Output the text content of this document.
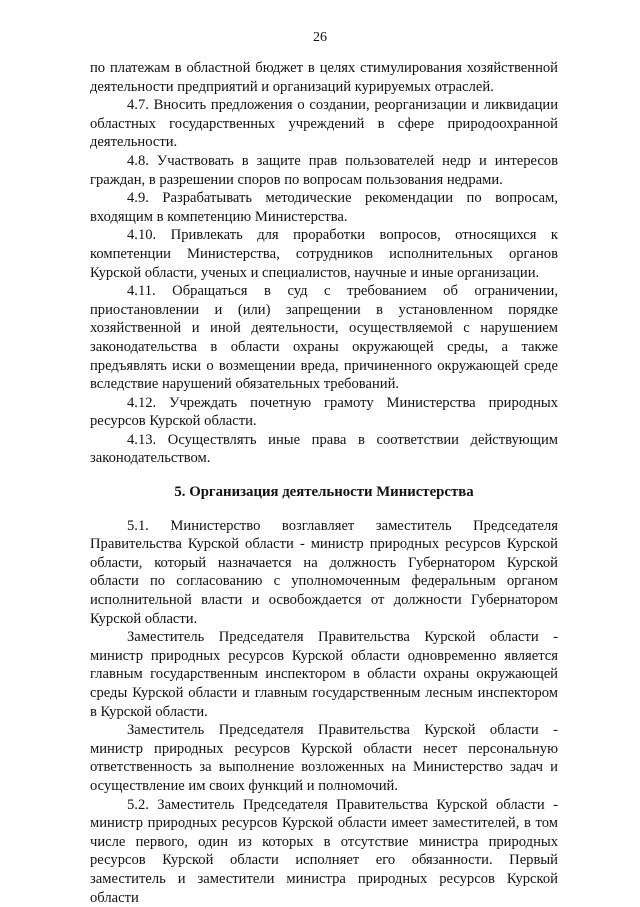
26

по платежам в областной бюджет в целях стимулирования хозяйственной деятельности предприятий и организаций курируемых отраслей.

4.7. Вносить предложения о создании, реорганизации и ликвидации областных государственных учреждений в сфере природоохранной деятельности.

4.8. Участвовать в защите прав пользователей недр и интересов граждан, в разрешении споров по вопросам пользования недрами.

4.9. Разрабатывать методические рекомендации по вопросам, входящим в компетенцию Министерства.

4.10. Привлекать для проработки вопросов, относящихся к компетенции Министерства, сотрудников исполнительных органов Курской области, ученых и специалистов, научные и иные организации.

4.11. Обращаться в суд с требованием об ограничении, приостановлении и (или) запрещении в установленном порядке хозяйственной и иной деятельности, осуществляемой с нарушением законодательства в области охраны окружающей среды, а также предъявлять иски о возмещении вреда, причиненного окружающей среде вследствие нарушений обязательных требований.

4.12. Учреждать почетную грамоту Министерства природных ресурсов Курской области.

4.13. Осуществлять иные права в соответствии действующим законодательством.

5. Организация деятельности Министерства

5.1. Министерство возглавляет заместитель Председателя Правительства Курской области - министр природных ресурсов Курской области, который назначается на должность Губернатором Курской области по согласованию с уполномоченным федеральным органом исполнительной власти и освобождается от должности Губернатором Курской области.

Заместитель Председателя Правительства Курской области - министр природных ресурсов Курской области одновременно является главным государственным инспектором в области охраны окружающей среды Курской области и главным государственным лесным инспектором в Курской области.

Заместитель Председателя Правительства Курской области - министр природных ресурсов Курской области несет персональную ответственность за выполнение возложенных на Министерство задач и осуществление им своих функций и полномочий.

5.2. Заместитель Председателя Правительства Курской области - министр природных ресурсов Курской области имеет заместителей, в том числе первого, один из которых в отсутствие министра природных ресурсов Курской области исполняет его обязанности. Первый заместитель и заместители министра природных ресурсов Курской области
